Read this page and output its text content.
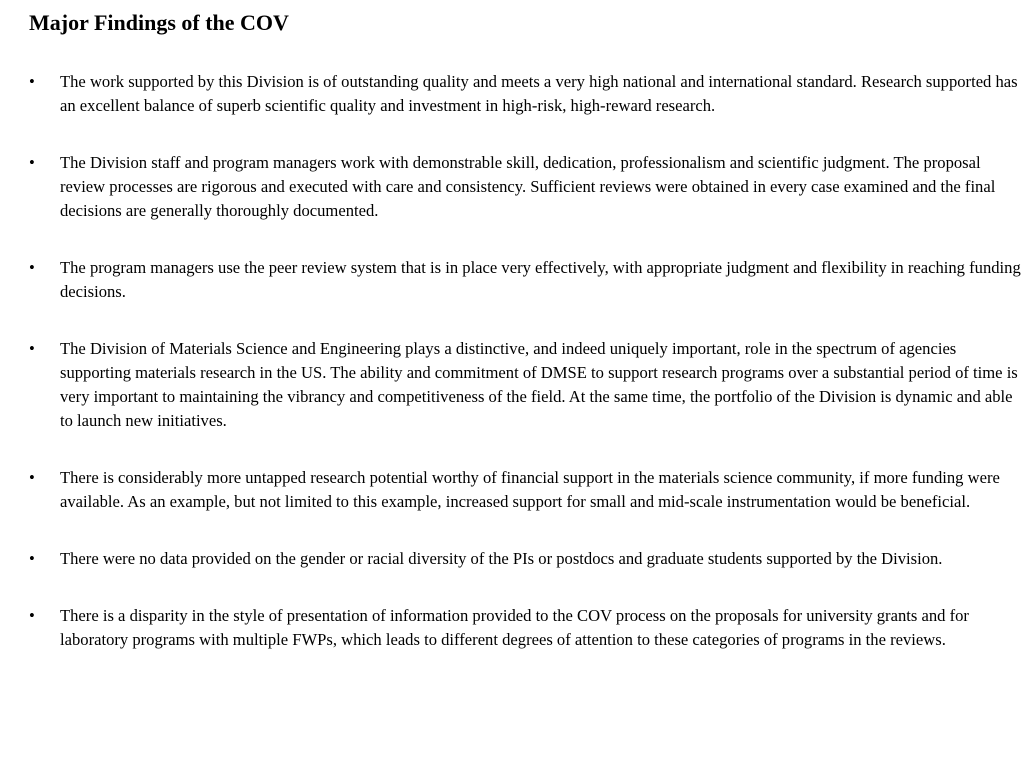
Major Findings of the COV
•	The work supported by this Division is of outstanding quality and meets a very high national and international standard. Research supported has an excellent balance of superb scientific quality and investment in high-risk, high-reward research.
•	The Division staff and program managers work with demonstrable skill, dedication, professionalism and scientific judgment. The proposal review processes are rigorous and executed with care and consistency. Sufficient reviews were obtained in every case examined and the final decisions are generally thoroughly documented.
•	The program managers use the peer review system that is in place very effectively, with appropriate judgment and flexibility in reaching funding decisions.
•	The Division of Materials Science and Engineering plays a distinctive, and indeed uniquely important, role in the spectrum of agencies supporting materials research in the US. The ability and commitment of DMSE to support research programs over a substantial period of time is very important to maintaining the vibrancy and competitiveness of the field. At the same time, the portfolio of the Division is dynamic and able to launch new initiatives.
•	There is considerably more untapped research potential worthy of financial support in the materials science community, if more funding were available. As an example, but not limited to this example, increased support for small and mid-scale instrumentation would be beneficial.
•	There were no data provided on the gender or racial diversity of the PIs or postdocs and graduate students supported by the Division.
•	There is a disparity in the style of presentation of information provided to the COV process on the proposals for university grants and for laboratory programs with multiple FWPs, which leads to different degrees of attention to these categories of programs in the reviews.
